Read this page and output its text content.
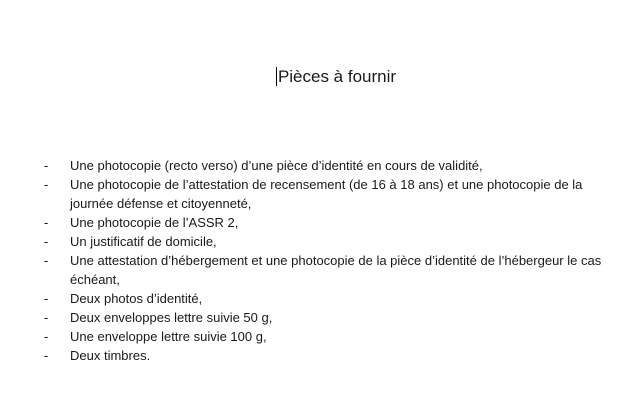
Pièces à fournir
- Une photocopie (recto verso) d’une pièce d’identité en cours de validité,
- Une photocopie de l’attestation de recensement (de 16 à 18 ans) et une photocopie de la journée défense et citoyenneté,
- Une photocopie de l’ASSR 2,
- Un justificatif de domicile,
- Une attestation d’hébergement et une photocopie de la pièce d’identité de l’hébergeur le cas échéant,
- Deux photos d’identité,
- Deux enveloppes lettre suivie 50 g,
- Une enveloppe lettre suivie 100 g,
- Deux timbres.
